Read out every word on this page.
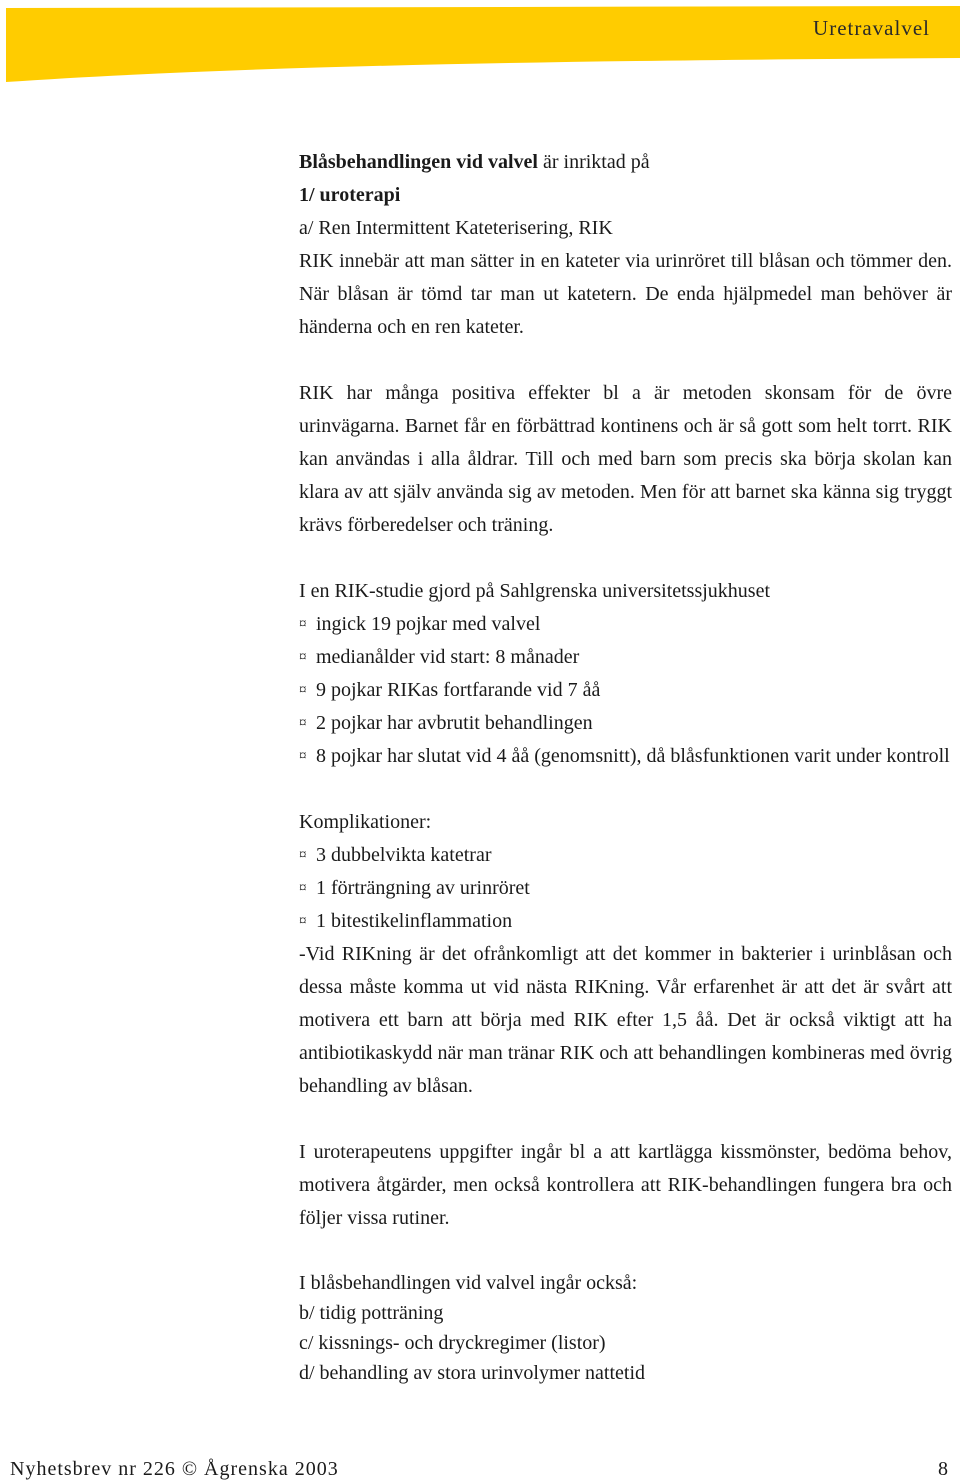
Uretravalvel

Blåsbehandlingen vid valvel är inriktad på

1/ uroterapi

a/ Ren Intermittent Kateterisering, RIK

RIK innebär att man sätter in en kateter via urinröret till blåsan och tömmer den. När blåsan är tömd tar man ut katetern. De enda hjälpmedel man behöver är händerna och en ren kateter.

RIK har många positiva effekter bl a är metoden skonsam för de övre urinvägarna. Barnet får en förbättrad kontinens och är så gott som helt torrt. RIK kan användas i alla åldrar. Till och med barn som precis ska börja skolan kan klara av att själv använda sig av metoden. Men för att barnet ska känna sig tryggt krävs förberedelser och träning.

I en RIK-studie gjord på Sahlgrenska universitetssjukhuset

¤ ingick 19 pojkar med valvel
¤ medianålder vid start: 8 månader
¤ 9 pojkar RIKas fortfarande vid 7 åå
¤ 2 pojkar har avbrutit behandlingen
¤ 8 pojkar har slutat vid 4 åå (genomsnitt), då blåsfunktionen varit under kontroll

Komplikationer:

¤ 3 dubbelvikta katetrar
¤ 1 förträngning av urinröret
¤ 1 bitestikelinflammation

-Vid RIKning är det ofrånkomligt att det kommer in bakterier i urinblåsan och dessa måste komma ut vid nästa RIKning. Vår erfarenhet är att det är svårt att motivera ett barn att börja med RIK efter 1,5 åå. Det är också viktigt att ha antibiotikaskydd när man tränar RIK och att behandlingen kombineras med övrig behandling av blåsan.

I uroterapeutens uppgifter ingår bl a att kartlägga kissmönster, bedöma behov, motivera åtgärder, men också kontrollera att RIK-behandlingen fungera bra och följer vissa rutiner.

I blåsbehandlingen vid valvel ingår också:

b/ tidig potträning

c/ kissnings- och dryckregimer (listor)

d/ behandling av stora urinvolymer nattetid

Nyhetsbrev nr 226 © Ågrenska 2003	8
